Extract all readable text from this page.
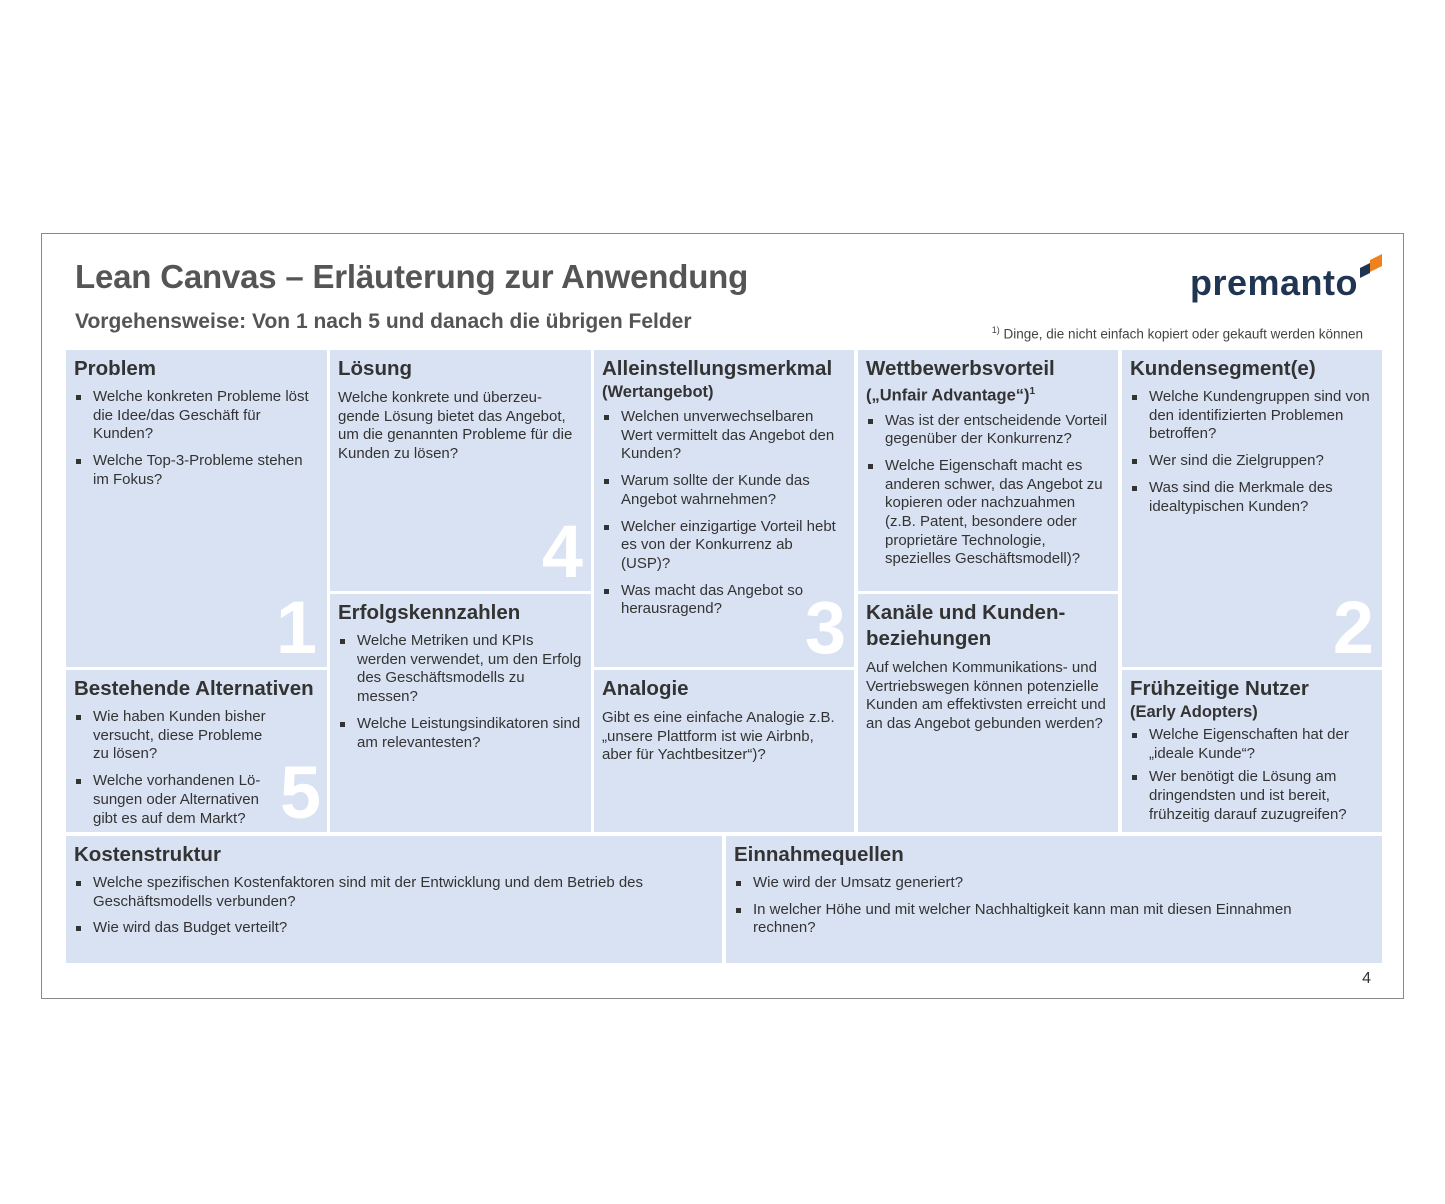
Lean Canvas – Erläuterung zur Anwendung
Vorgehensweise: Von 1 nach 5 und danach die übrigen Felder
premanto
$^{1)}$ Dinge, die nicht einfach kopiert oder gekauft werden können
Problem
Welche konkreten Probleme löst die Idee/das Geschäft für Kunden?
Welche Top-3-Probleme stehen im Fokus?
1
Bestehende Alternativen
Wie haben Kunden bisher versucht, diese Probleme zu lösen?
Welche vorhandenen Lö-sungen oder Alternativen gibt es auf dem Markt? 5
Lösung

Welche konkrete und überzeu-gende Lösung bietet das Angebot, um die genannten Probleme für die Kunden zu lösen?

4
Erfolgskennzahlen
Welche Metriken und KPIs werden verwendet, um den Erfolg des Geschäftsmodells zu messen?
Welche Leistungsindikatoren sind am relevantesten?
Alleinstellungsmerkmal
(Wertangebot)
Welchen unverwechselbaren Wert vermittelt das Angebot den Kunden?
Warum sollte der Kunde das Angebot wahrnehmen?
Welcher einzigartige Vorteil hebt es von der Konkurrenz ab (USP)?
Was macht das Angebot so herausragend?	3
Analogie

Gibt es eine einfache Analogie z.B. „unsere Plattform ist wie Airbnb, aber für Yachtbesitzer“)?

Wettbewerbsvorteil
(„Unfair Advantage“)$^1$
Was ist der entscheidende Vorteil gegenüber der Konkurrenz?
Welche Eigenschaft macht es anderen schwer, das Angebot zu kopieren oder nachzuahmen (z.B. Patent, besondere oder proprietäre Technologie, spezielles Geschäftsmodell)?
Kanäle und Kunden-beziehungen

Auf welchen Kommunikations- und Vertriebswegen können potenzielle Kunden am effektivsten erreicht und an das Angebot gebunden werden?

Kundensegment(e)
Welche Kundengruppen sind von den identifizierten Problemen betroffen?
Wer sind die Zielgruppen?
Was sind die Merkmale des idealtypischen Kunden?
2
Frühzeitige Nutzer
(Early Adopters)
Welche Eigenschaften hat der „ideale Kunde“?
Wer benötigt die Lösung am dringendsten und ist bereit, frühzeitig darauf zuzugreifen?
Kostenstruktur
Welche spezifischen Kostenfaktoren sind mit der Entwicklung und dem Betrieb des Geschäftsmodells verbunden?
Wie wird das Budget verteilt?
Einnahmequellen
Wie wird der Umsatz generiert?
In welcher Höhe und mit welcher Nachhaltigkeit kann man mit diesen Einnahmen rechnen?
4
